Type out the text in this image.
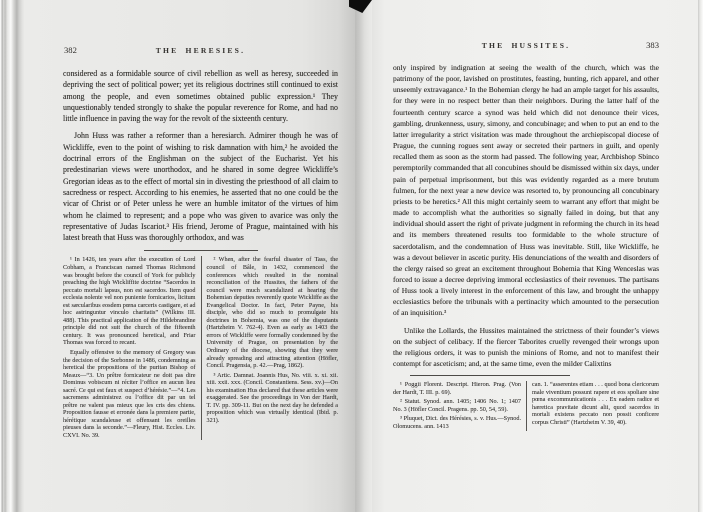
382	THE HERESIES.

considered as a formidable source of civil rebellion as well as heresy, succeeded in depriving the sect of political power; yet its religious doctrines still continued to exist among the people, and even sometimes obtained public expression.¹ They unquestionably tended strongly to shake the popular reverence for Rome, and had no little influence in paving the way for the revolt of the sixteenth century.

John Huss was rather a reformer than a heresiarch. Admirer though he was of Wickliffe, even to the point of wishing to risk damnation with him,² he avoided the doctrinal errors of the Englishman on the subject of the Eucharist. Yet his predestinarian views were unorthodox, and he shared in some degree Wickliffe’s Gregorian ideas as to the effect of mortal sin in divesting the priesthood of all claim to sacredness or respect. According to his enemies, he asserted that no one could be the vicar of Christ or of Peter unless he were an humble imitator of the virtues of him whom he claimed to represent; and a pope who was given to avarice was only the representative of Judas Iscariot.³ His friend, Jerome of Prague, maintained with his latest breath that Huss was thoroughly orthodox, and was

¹ In 1426, ten years after the execution of Lord Cobham, a Franciscan named Thomas Richmond was brought before the council of York for publicly preaching the high Wickliffite doctrine “Sacerdos in peccato mortali lapsus, non est sacerdos. Item quod ecclesia nolente vel non puniente fornicarios, licitum est sæcularibus eosdem pœna carceris castigare, et ad hoc astringuntur vinculo charitatis” (Wilkins III. 488). This practical application of the Hildebrandine principle did not suit the church of the fifteenth century. It was pronounced heretical, and Friar Thomas was forced to recant.

Equally offensive to the memory of Gregory was the decision of the Sorbonne in 1486, condemning as heretical the propositions of the puritan Bishop of Meaux—“3. Un prêtre fornicateur ne doit pas dire Dominus vobiscum ni réciter l’office en aucun lieu sacré. Ce qui est faux et suspect d’hérésie.”—“4. Les sacremens administrez ou l’office dit par un tel prêtre ne valent pas mieux que les cris des chiens. Proposition fausse et erronée dans la premiere partie, hérétique scandaleuse et offensant les oreilles pieuses dans la seconde.”—Fleury, Hist. Eccles. Liv. CXVI. No. 39.

² When, after the fearful disaster of Tass, the council of Bâle, in 1432, commenced the conferences which resulted in the nominal reconciliation of the Hussites, the fathers of the council were much scandalized at hearing the Bohemian deputies reverently quote Wickliffe as the Evangelical Doctor. In fact, Peter Payne, his disciple, who did so much to promulgate his doctrines in Bohemia, was one of the disputants (Hartzheim V. 762-4). Even as early as 1403 the errors of Wickliffe were formally condemned by the University of Prague, on presentation by the Ordinary of the diocese, showing that they were already spreading and attracting attention (Höfler, Concil. Pragensia, p. 42.—Prag, 1862).

³ Artic. Damnat. Joannis Hus, No. viii. x. xi. xii. xiii. xxii. xxx. (Concil. Constantiens. Sess. xv.)—On his examination Hus declared that these articles were exaggerated. See the proceedings in Von der Hardt, T. IV. pp. 309-11. But on the next day he defended a proposition which was virtually identical (Ibid. p. 321).

THE HUSSITES.	383

only inspired by indignation at seeing the wealth of the church, which was the patrimony of the poor, lavished on prostitutes, feasting, hunting, rich apparel, and other unseemly extravagance.¹ In the Bohemian clergy he had an ample target for his assaults, for they were in no respect better than their neighbors. During the latter half of the fourteenth century scarce a synod was held which did not denounce their vices, gambling, drunkenness, usury, simony, and concubinage; and when to put an end to the latter irregularity a strict visitation was made throughout the archiepiscopal diocese of Prague, the cunning rogues sent away or secreted their partners in guilt, and openly recalled them as soon as the storm had passed. The following year, Archbishop Sbinco peremptorily commanded that all concubines should be dismissed within six days, under pain of perpetual imprisonment, but this was evidently regarded as a mere brutum fulmen, for the next year a new device was resorted to, by pronouncing all concubinary priests to be heretics.² All this might certainly seem to warrant any effort that might be made to accomplish what the authorities so signally failed in doing, but that any individual should assert the right of private judgment in reforming the church in its head and its members threatened results too formidable to the whole structure of sacerdotalism, and the condemnation of Huss was inevitable. Still, like Wickliffe, he was a devout believer in ascetic purity. His denunciations of the wealth and disorders of the clergy raised so great an excitement throughout Bohemia that King Wenceslas was forced to issue a decree depriving immoral ecclesiastics of their revenues. The partisans of Huss took a lively interest in the enforcement of this law, and brought the unhappy ecclesiastics before the tribunals with a pertinacity which amounted to the persecution of an inquisition.³

Unlike the Lollards, the Hussites maintained the strictness of their founder’s views on the subject of celibacy. If the fiercer Taborites cruelly revenged their wrongs upon the religious orders, it was to punish the minions of Rome, and not to manifest their contempt for asceticism; and, at the same time, even the milder Calixtins

¹ Poggii Florent. Descript. Hieron. Prag. (Von der Hardt, T. III. p. 69).

² Statut. Synod. ann. 1405; 1406 No. 1; 1407 No. 3 (Höfler Concil. Pragens. pp. 50, 54, 59).

³ Pluquet, Dict. des Hérésies, s. v. Hus.—Synod. Olomucens. ann. 1413

can. 1. “asserentes etiam . . . quod bona clericorum male viventium possunt rapere et eos spoliare sine pœna excommunicationis . . . Ex eadem radice et hæretica pravitate dicunt alii, quod sacerdos in mortali existens peccato non possit conficere corpus Christi” (Hartzheim V. 39, 40).
